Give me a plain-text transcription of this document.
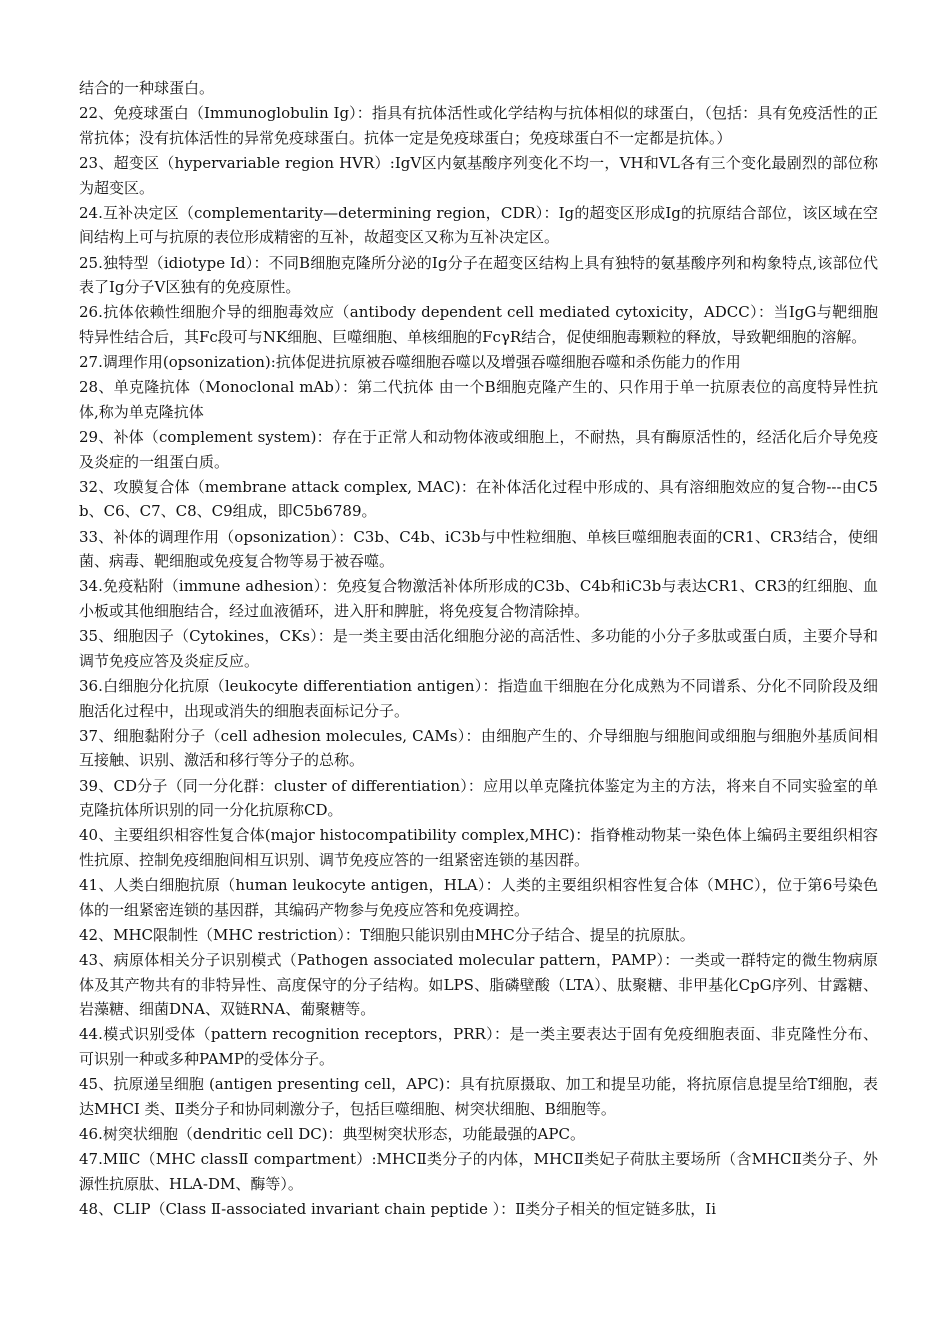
结合的一种球蛋白。

22、免疫球蛋白（Immunoglobulin Ig）：指具有抗体活性或化学结构与抗体相似的球蛋白，（包括：具有免疫活性的正常抗体；没有抗体活性的异常免疫球蛋白。抗体一定是免疫球蛋白；免疫球蛋白不一定都是抗体。）

23、超变区（hypervariable region HVR）:IgV区内氨基酸序列变化不均一，VH和VL各有三个变化最剧烈的部位称为超变区。

24.互补决定区（complementarity—determining region，CDR）：Ig的超变区形成Ig的抗原结合部位，该区域在空间结构上可与抗原的表位形成精密的互补，故超变区又称为互补决定区。

25.独特型（idiotype Id）：不同B细胞克隆所分泌的Ig分子在超变区结构上具有独特的氨基酸序列和构象特点,该部位代表了Ig分子V区独有的免疫原性。

26.抗体依赖性细胞介导的细胞毒效应（antibody dependent cell mediated cytoxicity，ADCC）：当IgG与靶细胞特异性结合后，其Fc段可与NK细胞、巨噬细胞、单核细胞的FcγR结合，促使细胞毒颗粒的释放，导致靶细胞的溶解。

27.调理作用(opsonization):抗体促进抗原被吞噬细胞吞噬以及增强吞噬细胞吞噬和杀伤能力的作用

28、单克隆抗体（Monoclonal mAb）：第二代抗体 由一个B细胞克隆产生的、只作用于单一抗原表位的高度特异性抗体,称为单克隆抗体

29、补体（complement system)：存在于正常人和动物体液或细胞上，不耐热，具有酶原活性的，经活化后介导免疫及炎症的一组蛋白质。

32、攻膜复合体（membrane attack complex, MAC)：在补体活化过程中形成的、具有溶细胞效应的复合物---由C5b、C6、C7、C8、C9组成，即C5b6789。

33、补体的调理作用（opsonization）：C3b、C4b、iC3b与中性粒细胞、单核巨噬细胞表面的CR1、CR3结合，使细菌、病毒、靶细胞或免疫复合物等易于被吞噬。

34.免疫粘附（immune adhesion）：免疫复合物激活补体所形成的C3b、C4b和iC3b与表达CR1、CR3的红细胞、血小板或其他细胞结合，经过血液循环，进入肝和脾脏，将免疫复合物清除掉。

35、细胞因子（Cytokines，CKs）：是一类主要由活化细胞分泌的高活性、多功能的小分子多肽或蛋白质，主要介导和调节免疫应答及炎症反应。

36.白细胞分化抗原（leukocyte differentiation antigen）：指造血干细胞在分化成熟为不同谱系、分化不同阶段及细胞活化过程中，出现或消失的细胞表面标记分子。

37、细胞黏附分子（cell adhesion molecules, CAMs）：由细胞产生的、介导细胞与细胞间或细胞与细胞外基质间相互接触、识别、激活和移行等分子的总称。

39、CD分子（同一分化群：cluster of differentiation）：应用以单克隆抗体鉴定为主的方法，将来自不同实验室的单克隆抗体所识别的同一分化抗原称CD。

40、主要组织相容性复合体(major histocompatibility complex,MHC)：指脊椎动物某一染色体上编码主要组织相容性抗原、控制免疫细胞间相互识别、调节免疫应答的一组紧密连锁的基因群。

41、人类白细胞抗原（human leukocyte antigen，HLA）：人类的主要组织相容性复合体（MHC），位于第6号染色体的一组紧密连锁的基因群，其编码产物参与免疫应答和免疫调控。

42、MHC限制性（MHC restriction）：T细胞只能识别由MHC分子结合、提呈的抗原肽。

43、病原体相关分子识别模式（Pathogen associated molecular pattern，PAMP）：一类或一群特定的微生物病原体及其产物共有的非特异性、高度保守的分子结构。如LPS、脂磷壁酸（LTA）、肽聚糖、非甲基化CpG序列、甘露糖、岩藻糖、细菌DNA、双链RNA、葡聚糖等。

44.模式识别受体（pattern recognition receptors，PRR）：是一类主要表达于固有免疫细胞表面、非克隆性分布、可识别一种或多种PAMP的受体分子。

45、抗原递呈细胞 (antigen presenting cell，APC)：具有抗原摄取、加工和提呈功能，将抗原信息提呈给T细胞，表达MHCⅠ 类、Ⅱ类分子和协同刺激分子，包括巨噬细胞、树突状细胞、B细胞等。

46.树突状细胞（dendritic cell DC)：典型树突状形态，功能最强的APC。

47.MⅡC（MHC classⅡ compartment）:MHCⅡ类分子的内体，MHCⅡ类妃子荷肽主要场所（含MHCⅡ类分子、外源性抗原肽、HLA-DM、酶等）。

48、CLIP（Class Ⅱ-associated invariant chain peptide ）：Ⅱ类分子相关的恒定链多肽，Ⅰi
